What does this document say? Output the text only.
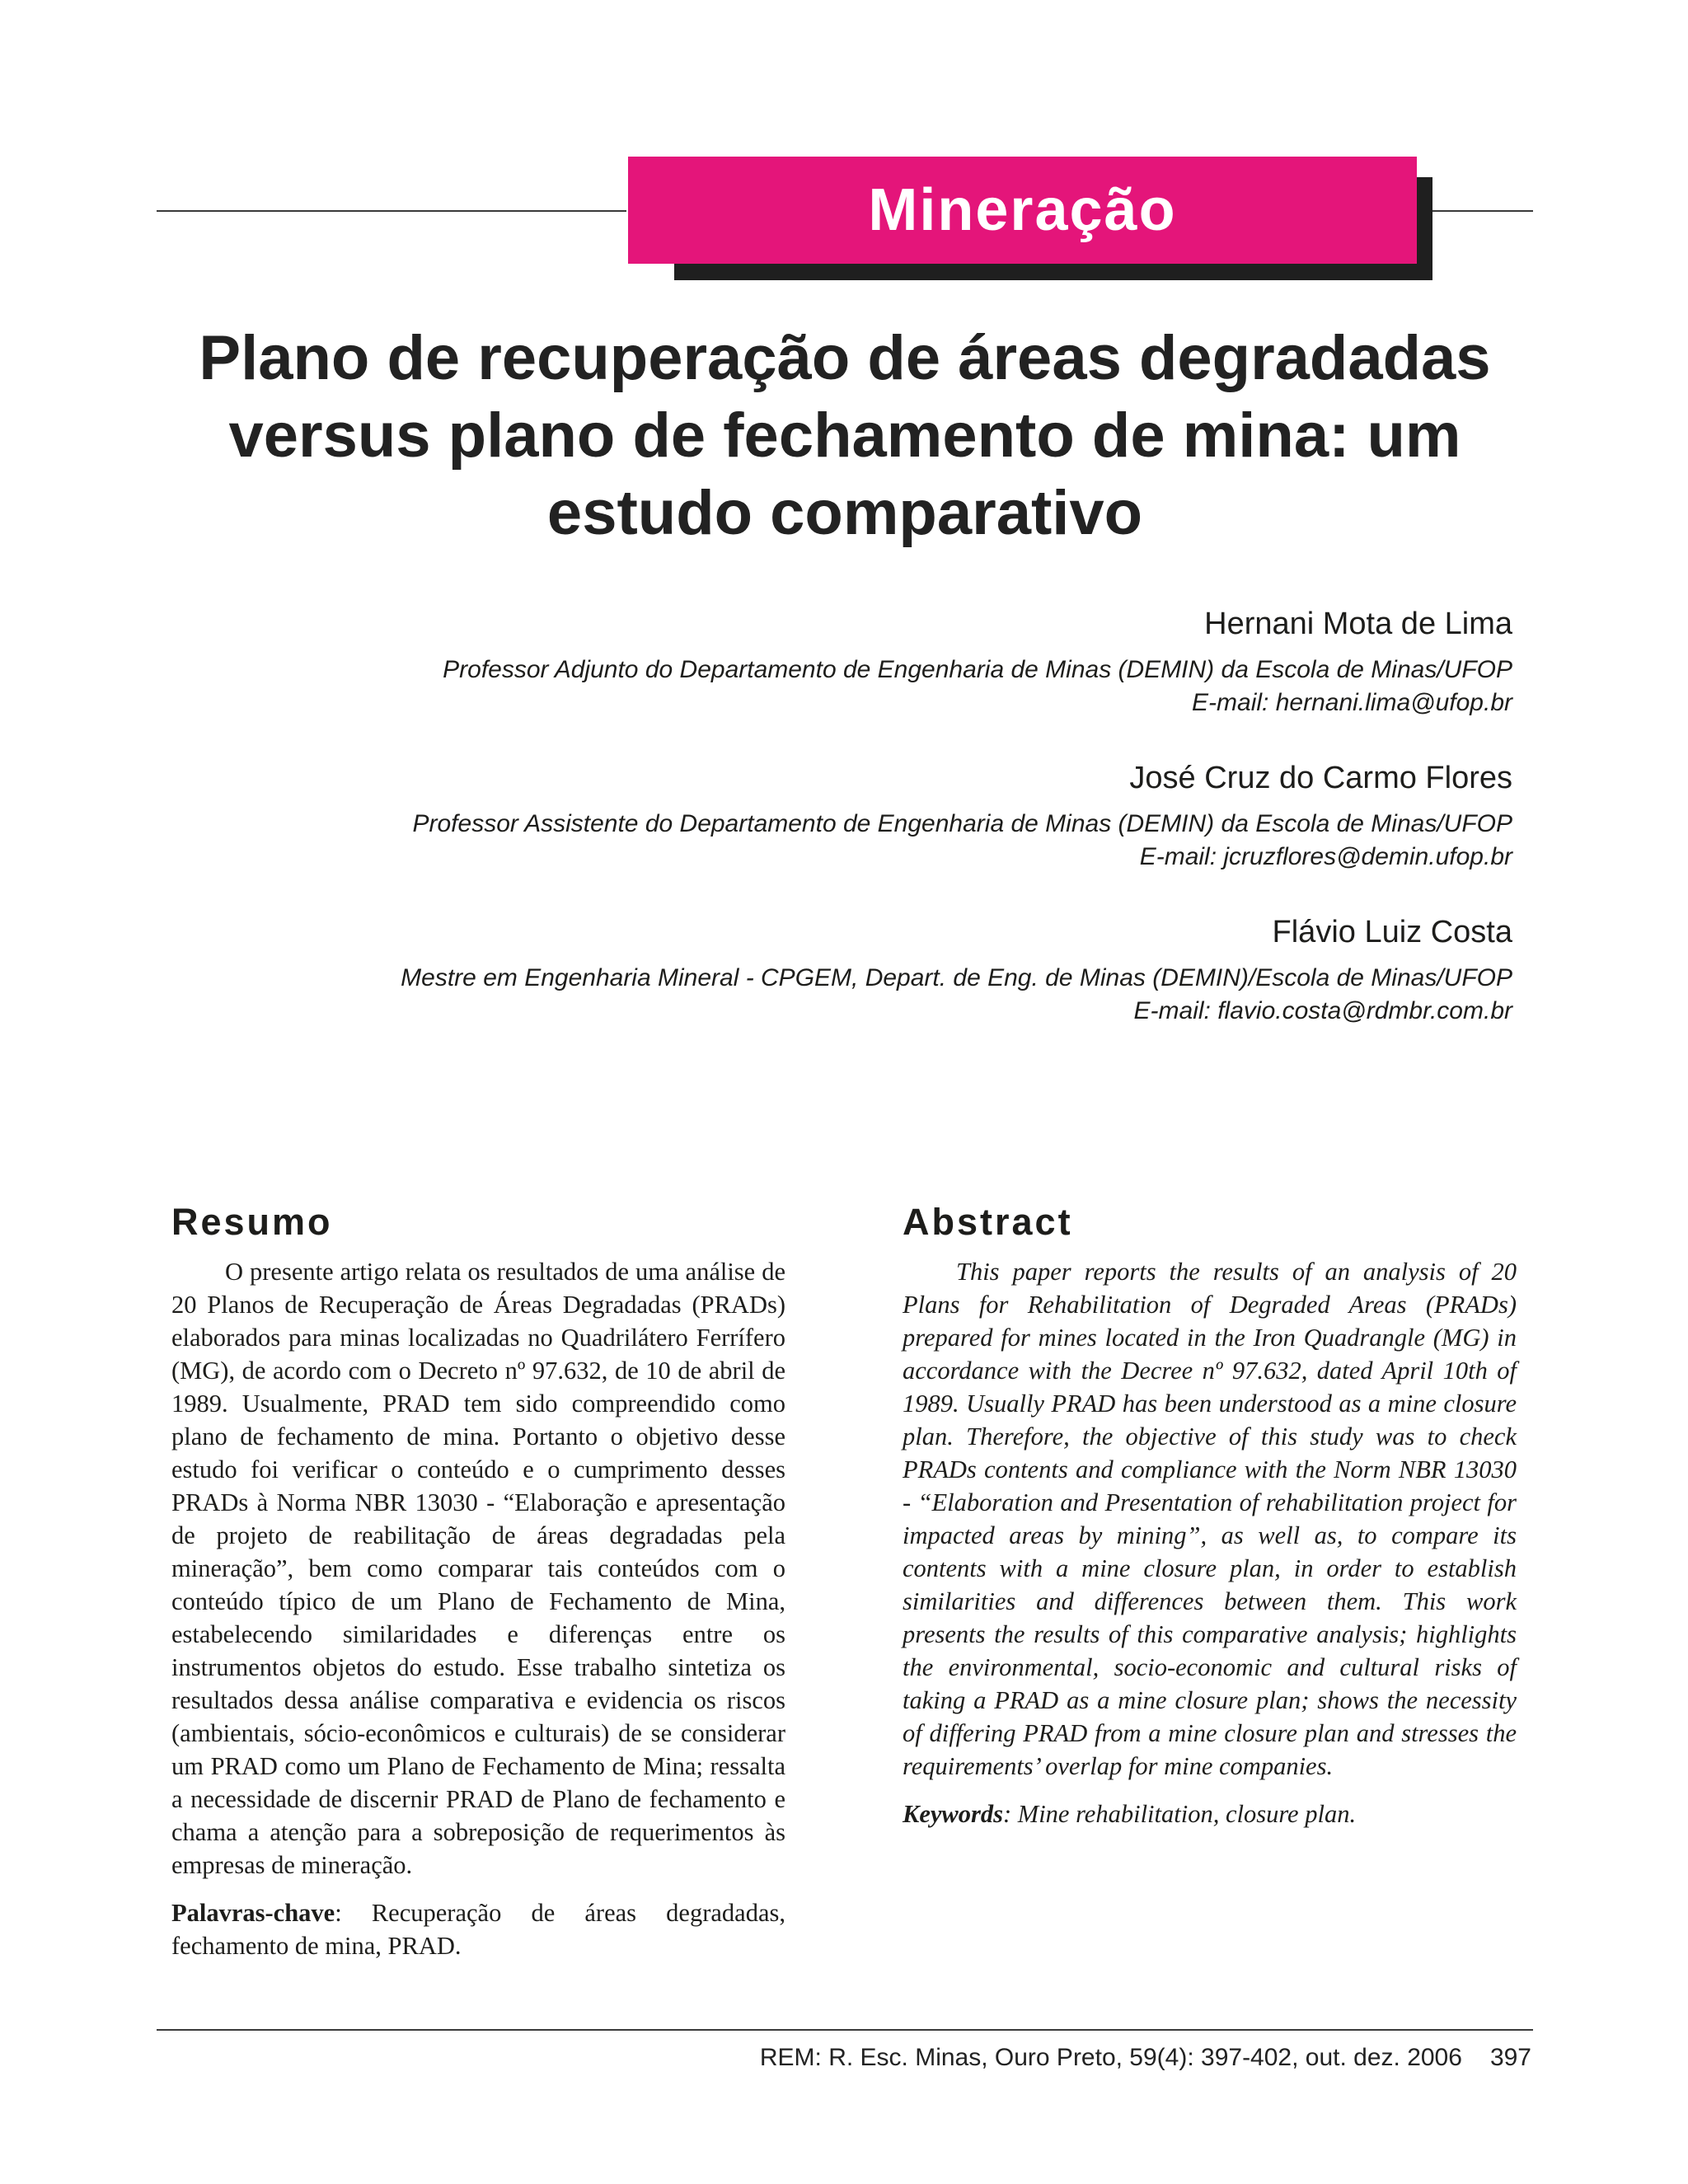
Mineração
Plano de recuperação de áreas degradadas
versus plano de fechamento de mina: um
estudo comparativo
Hernani Mota de Lima
Professor Adjunto do Departamento de Engenharia de Minas (DEMIN) da Escola de Minas/UFOP
E-mail: hernani.lima@ufop.br
José Cruz do Carmo Flores
Professor Assistente do Departamento de Engenharia de Minas (DEMIN) da Escola de Minas/UFOP
E-mail: jcruzflores@demin.ufop.br
Flávio Luiz Costa
Mestre em Engenharia Mineral - CPGEM, Depart. de Eng. de Minas (DEMIN)/Escola de Minas/UFOP
E-mail: flavio.costa@rdmbr.com.br
Resumo

O presente artigo relata os resultados de uma análise de 20 Planos de Recuperação de Áreas Degradadas (PRADs) elaborados para minas localizadas no Quadrilátero Ferrífero (MG), de acordo com o Decreto nº 97.632, de 10 de abril de 1989. Usualmente, PRAD tem sido compreendido como plano de fechamento de mina. Portanto o objetivo desse estudo foi verificar o conteúdo e o cumprimento desses PRADs à Norma NBR 13030 - “Elaboração e apresentação de projeto de reabilitação de áreas degradadas pela mineração”, bem como comparar tais conteúdos com o conteúdo típico de um Plano de Fechamento de Mina, estabelecendo similaridades e diferenças entre os instrumentos objetos do estudo. Esse trabalho sintetiza os resultados dessa análise comparativa e evidencia os riscos (ambientais, sócio-econômicos e culturais) de se considerar um PRAD como um Plano de Fechamento de Mina; ressalta a necessidade de discernir PRAD de Plano de fechamento e chama a atenção para a sobreposição de requerimentos às empresas de mineração.

Palavras-chave: Recuperação de áreas degradadas, fechamento de mina, PRAD.
Abstract

This paper reports the results of an analysis of 20 Plans for Rehabilitation of Degraded Areas (PRADs) prepared for mines located in the Iron Quadrangle (MG) in accordance with the Decree nº 97.632, dated April 10th of 1989. Usually PRAD has been understood as a mine closure plan. Therefore, the objective of this study was to check PRADs contents and compliance with the Norm NBR 13030 - “Elaboration and Presentation of rehabilitation project for impacted areas by mining”, as well as, to compare its contents with a mine closure plan, in order to establish similarities and differences between them. This work presents the results of this comparative analysis; highlights the environmental, socio-economic and cultural risks of taking a PRAD as a mine closure plan; shows the necessity of differing PRAD from a mine closure plan and stresses the requirements’ overlap for mine companies.

Keywords: Mine rehabilitation, closure plan.
REM: R. Esc. Minas, Ouro Preto, 59(4): 397-402, out. dez. 2006 397
